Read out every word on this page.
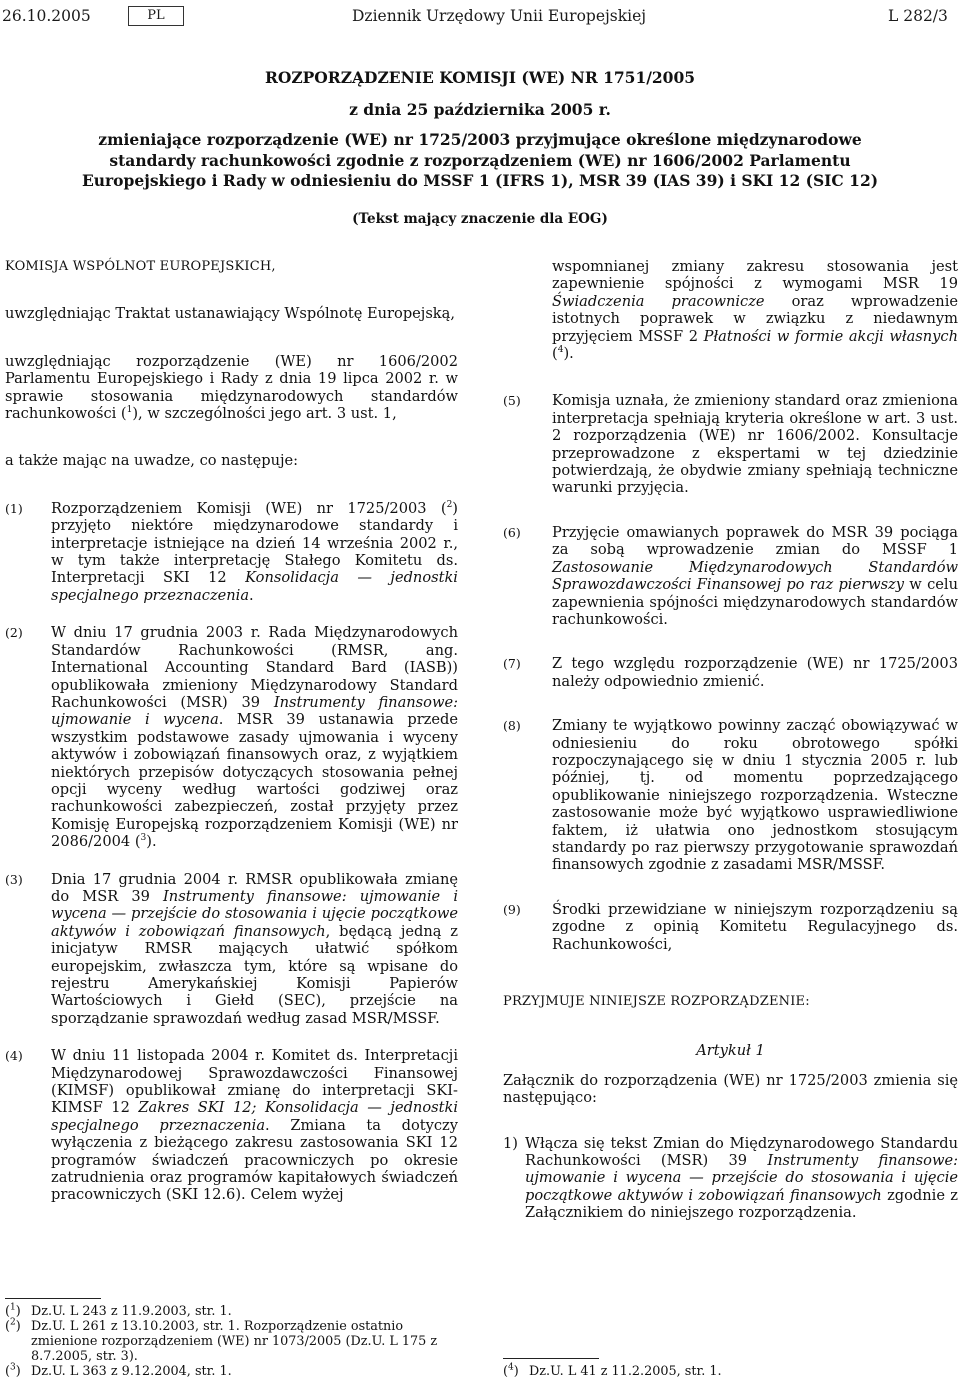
26.10.2005	PL	Dziennik Urzędowy Unii Europejskiej	L 282/3
ROZPORZĄDZENIE KOMISJI (WE) NR 1751/2005
z dnia 25 października 2005 r.
zmieniające rozporządzenie (WE) nr 1725/2003 przyjmujące określone międzynarodowe standardy rachunkowości zgodnie z rozporządzeniem (WE) nr 1606/2002 Parlamentu Europejskiego i Rady w odniesieniu do MSSF 1 (IFRS 1), MSR 39 (IAS 39) i SKI 12 (SIC 12)
(Tekst mający znaczenie dla EOG)

KOMISJA WSPÓLNOT EUROPEJSKICH,

uwzględniając Traktat ustanawiający Wspólnotę Europejską,

uwzględniając rozporządzenie (WE) nr 1606/2002 Parlamentu Europejskiego i Rady z dnia 19 lipca 2002 r. w sprawie stosowania międzynarodowych standardów rachunkowości ($^1$), w szczególności jego art. 3 ust. 1,

a także mając na uwadze, co następuje:

(1) Rozporządzeniem Komisji (WE) nr 1725/2003 ($^2$) przyjęto niektóre międzynarodowe standardy i interpretacje istniejące na dzień 14 września 2002 r., w tym także interpretację Stałego Komitetu ds. Interpretacji SKI 12 Konsolidacja — jednostki specjalnego przeznaczenia.
(2) W dniu 17 grudnia 2003 r. Rada Międzynarodowych Standardów Rachunkowości (RMSR, ang. International Accounting Standard Bard (IASB)) opublikowała zmieniony Międzynarodowy Standard Rachunkowości (MSR) 39 Instrumenty finansowe: ujmowanie i wycena. MSR 39 ustanawia przede wszystkim podstawowe zasady ujmowania i wyceny aktywów i zobowiązań finansowych oraz, z wyjątkiem niektórych przepisów dotyczących stosowania pełnej opcji wyceny według wartości godziwej oraz rachunkowości zabezpieczeń, został przyjęty przez Komisję Europejską rozporządzeniem Komisji (WE) nr 2086/2004 ($^3$).
(3) Dnia 17 grudnia 2004 r. RMSR opublikowała zmianę do MSR 39 Instrumenty finansowe: ujmowanie i wycena — przejście do stosowania i ujęcie początkowe aktywów i zobowiązań finansowych, będącą jedną z inicjatyw RMSR mających ułatwić spółkom europejskim, zwłaszcza tym, które są wpisane do rejestru Amerykańskiej Komisji Papierów Wartościowych i Giełd (SEC), przejście na sporządzanie sprawozdań według zasad MSR/MSSF.
(4) W dniu 11 listopada 2004 r. Komitet ds. Interpretacji Międzynarodowej Sprawozdawczości Finansowej (KIMSF) opublikował zmianę do interpretacji SKI-KIMSF 12 Zakres SKI 12; Konsolidacja — jednostki specjalnego przeznaczenia. Zmiana ta dotyczy wyłączenia z bieżącego zakresu zastosowania SKI 12 programów świadczeń pracowniczych po okresie zatrudnienia oraz programów kapitałowych świadczeń pracowniczych (SKI 12.6). Celem wyżej
($^1$) Dz.U. L 243 z 11.9.2003, str. 1.
($^2$) Dz.U. L 261 z 13.10.2003, str. 1. Rozporządzenie ostatnio zmienione rozporządzeniem (WE) nr 1073/2005 (Dz.U. L 175 z 8.7.2005, str. 3).
($^3$) Dz.U. L 363 z 9.12.2004, str. 1.

wspomnianej zmiany zakresu stosowania jest zapewnienie spójności z wymogami MSR 19 Świadczenia pracownicze oraz wprowadzenie istotnych poprawek w związku z niedawnym przyjęciem MSSF 2 Płatności w formie akcji własnych ($^4$).

(5) Komisja uznała, że zmieniony standard oraz zmieniona interpretacja spełniają kryteria określone w art. 3 ust. 2 rozporządzenia (WE) nr 1606/2002. Konsultacje przeprowadzone z ekspertami w tej dziedzinie potwierdzają, że obydwie zmiany spełniają techniczne warunki przyjęcia.
(6) Przyjęcie omawianych poprawek do MSR 39 pociąga za sobą wprowadzenie zmian do MSSF 1 Zastosowanie Międzynarodowych Standardów Sprawozdawczości Finansowej po raz pierwszy w celu zapewnienia spójności międzynarodowych standardów rachunkowości.
(7) Z tego względu rozporządzenie (WE) nr 1725/2003 należy odpowiednio zmienić.
(8) Zmiany te wyjątkowo powinny zacząć obowiązywać w odniesieniu do roku obrotowego spółki rozpoczynającego się w dniu 1 stycznia 2005 r. lub później, tj. od momentu poprzedzającego opublikowanie niniejszego rozporządzenia. Wsteczne zastosowanie może być wyjątkowo usprawiedliwione faktem, iż ułatwia ono jednostkom stosującym standardy po raz pierwszy przygotowanie sprawozdań finansowych zgodnie z zasadami MSR/MSSF.
(9) Środki przewidziane w niniejszym rozporządzeniu są zgodne z opinią Komitetu Regulacyjnego ds. Rachunkowości,

PRZYJMUJE NINIEJSZE ROZPORZĄDZENIE:

Artykuł 1

Załącznik do rozporządzenia (WE) nr 1725/2003 zmienia się następująco:

1) Włącza się tekst Zmian do Międzynarodowego Standardu Rachunkowości (MSR) 39 Instrumenty finansowe: ujmowanie i wycena — przejście do stosowania i ujęcie początkowe aktywów i zobowiązań finansowych zgodnie z Załącznikiem do niniejszego rozporządzenia.
($^4$) Dz.U. L 41 z 11.2.2005, str. 1.
